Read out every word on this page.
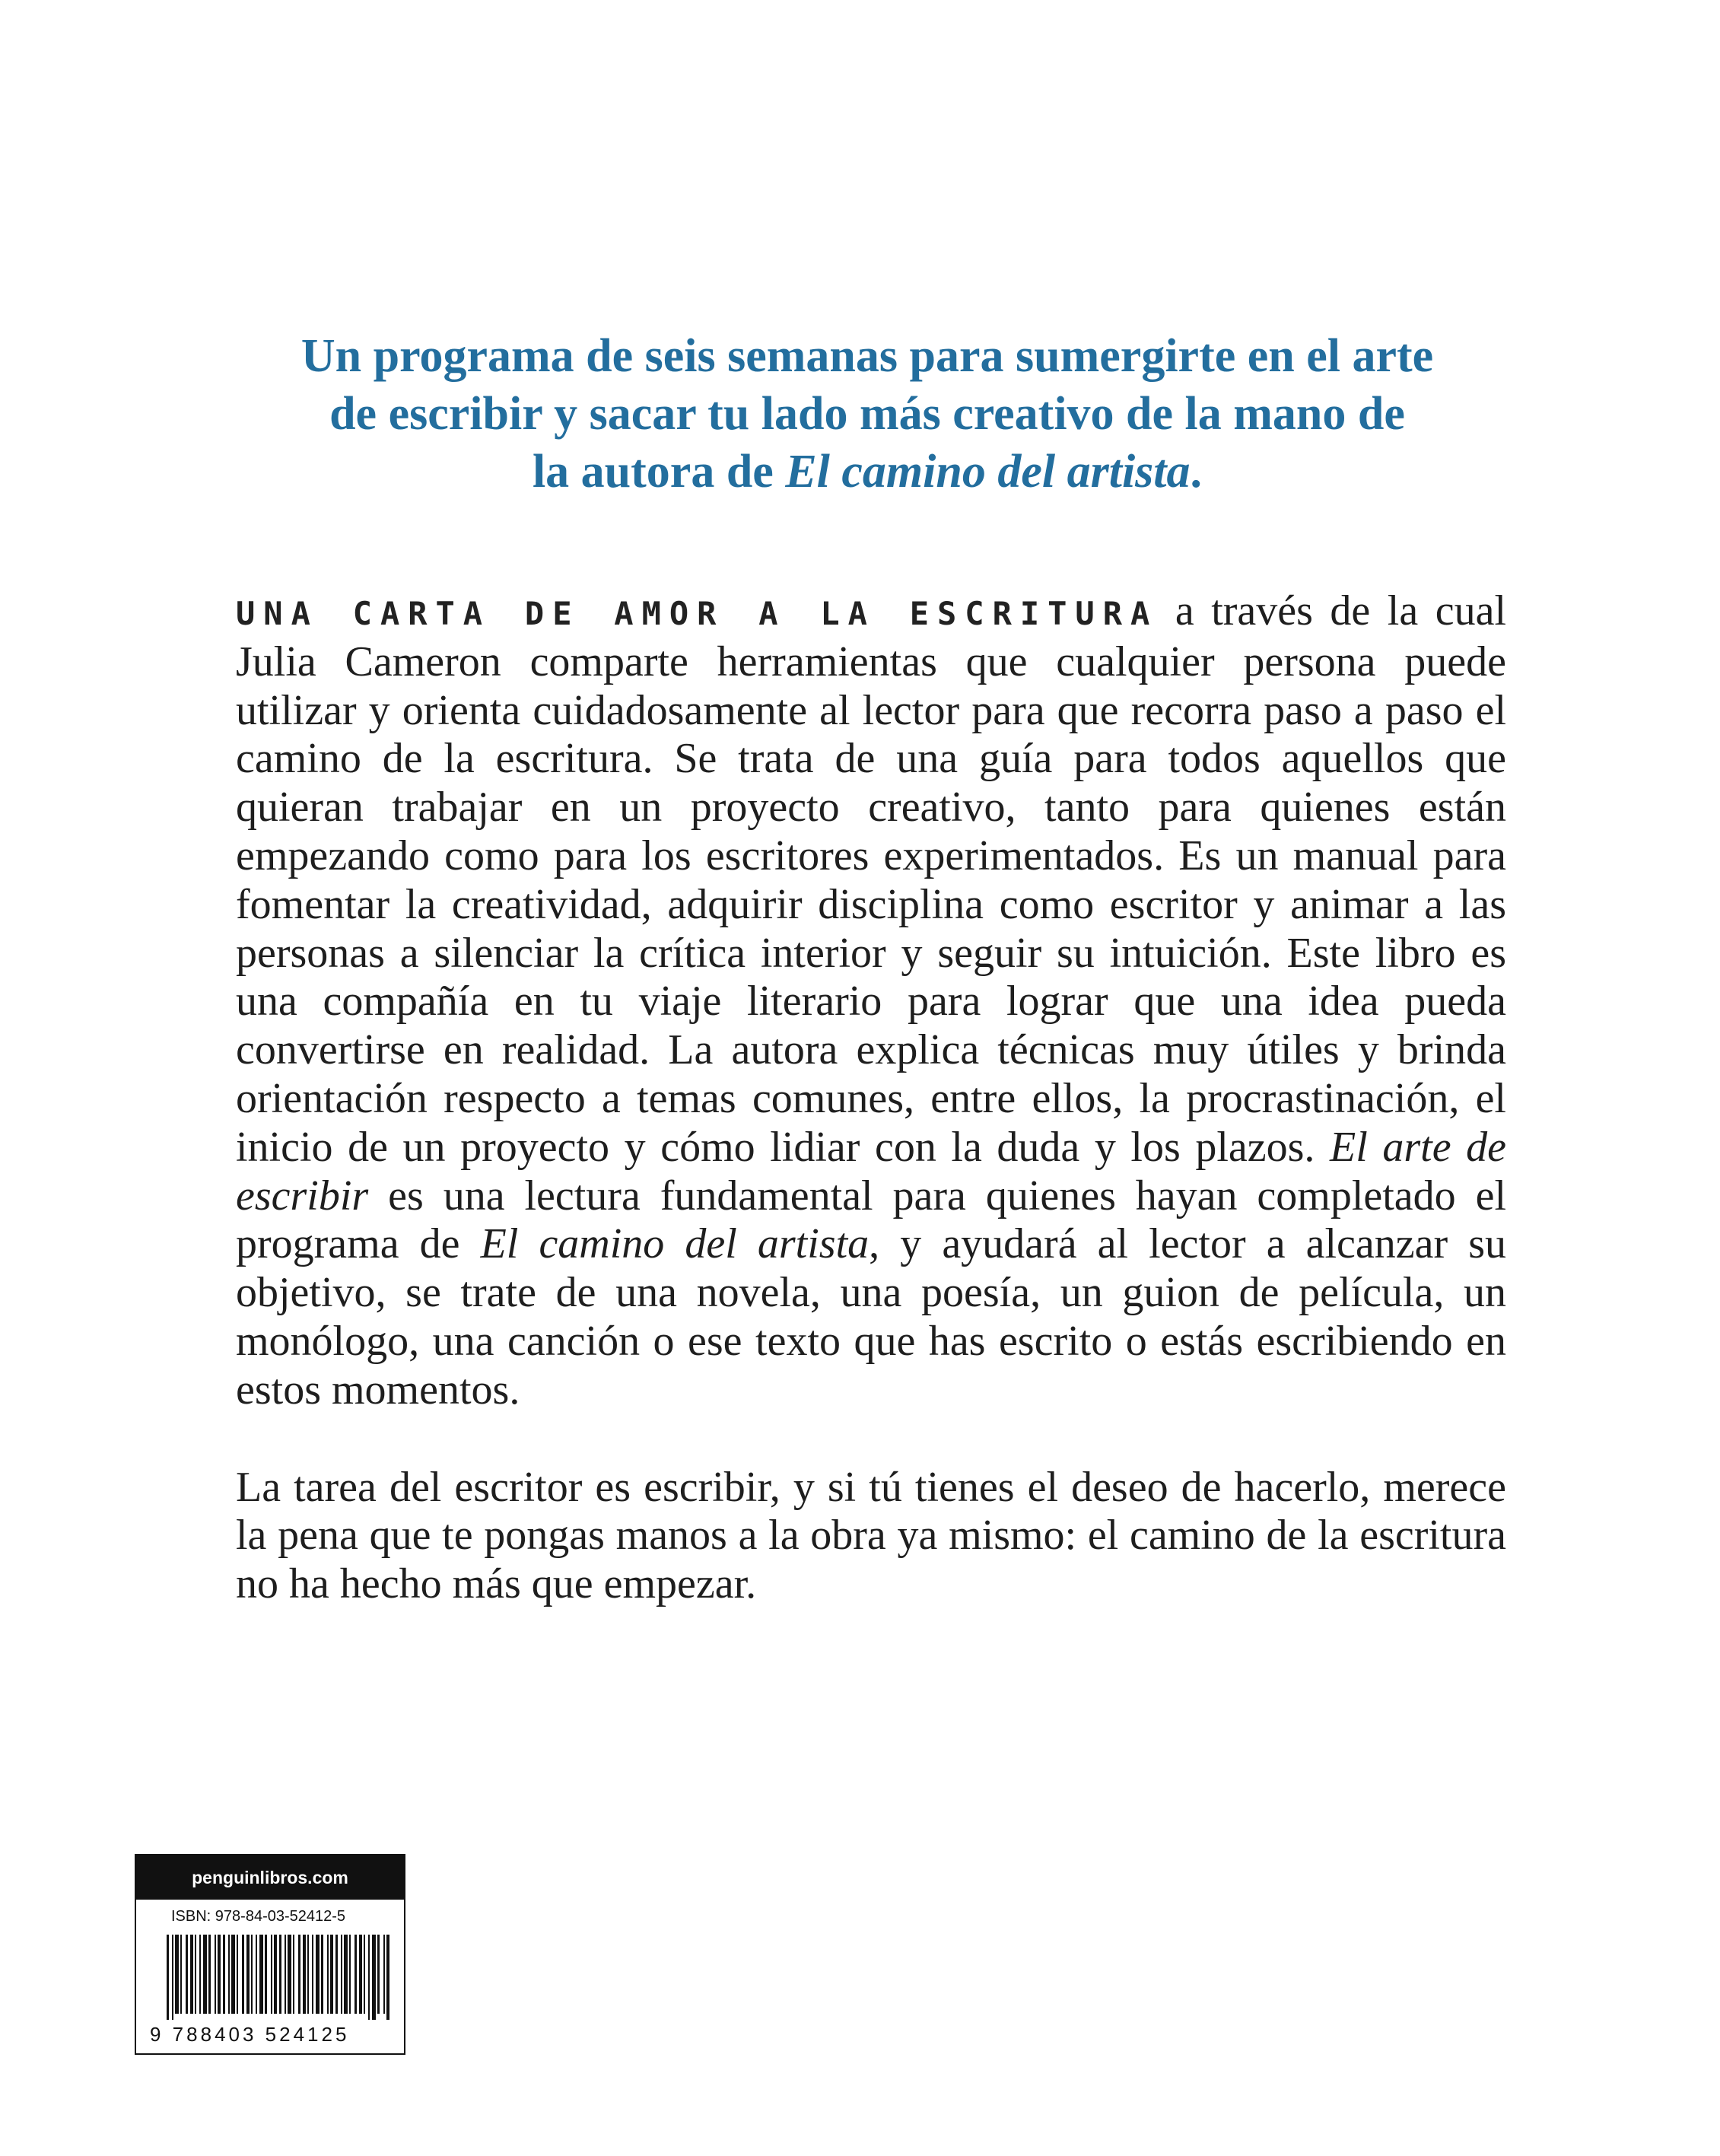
Un programa de seis semanas para sumergirte en el arte
de escribir y sacar tu lado más creativo de la mano de
la autora de El camino del artista.

UNA CARTA DE AMOR A LA ESCRITURA a través de la cual Julia Cameron comparte herramientas que cualquier persona puede utilizar y orienta cuidadosamente al lector para que recorra paso a paso el camino de la escritura. Se trata de una guía para todos aquellos que quieran trabajar en un proyecto creativo, tanto para quienes están empezando como para los escritores experimentados. Es un manual para fomentar la creatividad, adquirir disciplina como escritor y animar a las personas a silenciar la crítica interior y seguir su intuición. Este libro es una compañía en tu viaje literario para lograr que una idea pueda convertirse en realidad. La autora explica técnicas muy útiles y brinda orientación respecto a temas comunes, entre ellos, la procrastinación, el inicio de un proyecto y cómo lidiar con la duda y los plazos. El arte de escribir es una lectura fundamental para quienes hayan completado el programa de El camino del artista, y ayudará al lector a alcanzar su objetivo, se trate de una novela, una poesía, un guion de película, un monólogo, una canción o ese texto que has escrito o estás escribiendo en estos momentos.

La tarea del escritor es escribir, y si tú tienes el deseo de hacerlo, merece la pena que te pongas manos a la obra ya mismo: el camino de la escritura no ha hecho más que empezar.

penguinlibros.com
ISBN: 978-84-03-52412-5
9 788403 524125
